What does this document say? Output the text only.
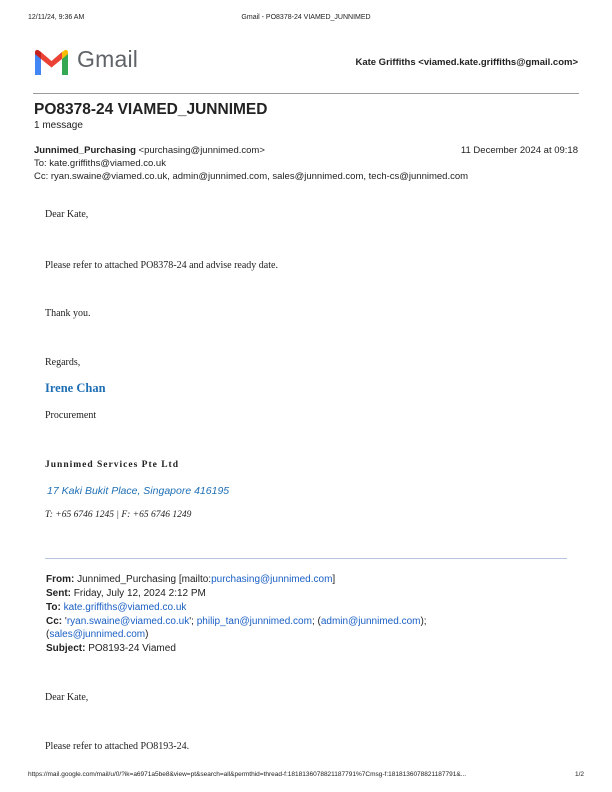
12/11/24, 9:36 AM	Gmail - PO8378-24 VIAMED_JUNNIMED
Gmail	Kate Griffiths <viamed.kate.griffiths@gmail.com>
PO8378-24 VIAMED_JUNNIMED
1 message
Junnimed_Purchasing <purchasing@junnimed.com>	11 December 2024 at 09:18
To: kate.griffiths@viamed.co.uk
Cc: ryan.swaine@viamed.co.uk, admin@junnimed.com, sales@junnimed.com, tech-cs@junnimed.com
Dear Kate,
Please refer to attached PO8378-24 and advise ready date.
Thank you.
Regards,
Irene Chan
Procurement
Junnimed Services Pte Ltd
17 Kaki Bukit Place, Singapore 416195
T: +65 6746 1245 | F: +65 6746 1249
From: Junnimed_Purchasing [mailto:purchasing@junnimed.com]
Sent: Friday, July 12, 2024 2:12 PM
To: kate.griffiths@viamed.co.uk
Cc: 'ryan.swaine@viamed.co.uk'; philip_tan@junnimed.com; (admin@junnimed.com);
(sales@junnimed.com)
Subject: PO8193-24 Viamed
Dear Kate,
Please refer to attached PO8193-24.
https://mail.google.com/mail/u/0/?ik=a6971a5be8&view=pt&search=all&permthid=thread-f:1818136078821187791%7Cmsg-f:1818136078821187791&...	1/2
